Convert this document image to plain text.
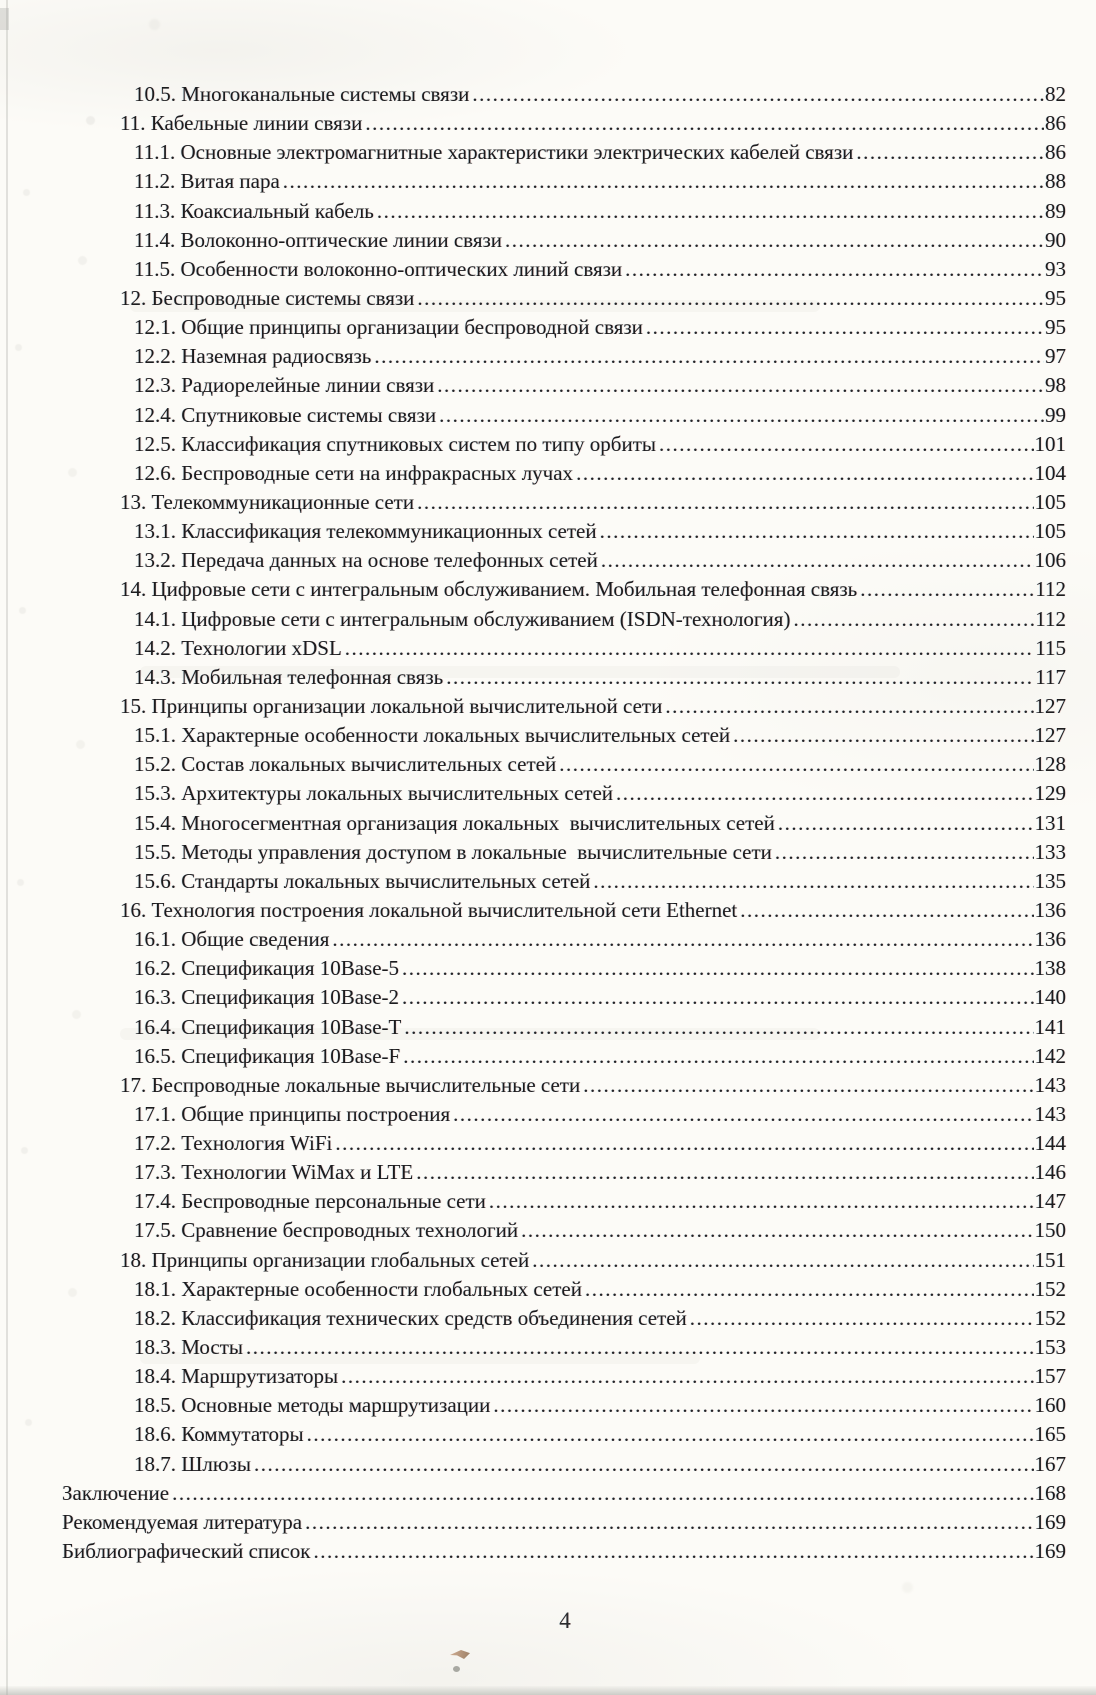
10.5. Многоканальные системы связи .....	82
11. Кабельные линии связи .....	86
11.1. Основные электромагнитные характеристики электрических кабелей связи .....	86
11.2. Витая пара .....	88
11.3. Коаксиальный кабель .....	89
11.4. Волоконно-оптические линии связи .....	90
11.5. Особенности волоконно-оптических линий связи .....	93
12. Беспроводные системы связи .....	95
12.1. Общие принципы организации беспроводной связи .....	95
12.2. Наземная радиосвязь .....	97
12.3. Радиорелейные линии связи .....	98
12.4. Спутниковые системы связи .....	99
12.5. Классификация спутниковых систем по типу орбиты .....	101
12.6. Беспроводные сети на инфракрасных лучах .....	104
13. Телекоммуникационные сети .....	105
13.1. Классификация телекоммуникационных сетей .....	105
13.2. Передача данных на основе телефонных сетей .....	106
14. Цифровые сети с интегральным обслуживанием. Мобильная телефонная связь .....	112
14.1. Цифровые сети с интегральным обслуживанием (ISDN-технология) .....	112
14.2. Технологии xDSL .....	115
14.3. Мобильная телефонная связь .....	117
15. Принципы организации локальной вычислительной сети .....	127
15.1. Характерные особенности локальных вычислительных сетей .....	127
15.2. Состав локальных вычислительных сетей .....	128
15.3. Архитектуры локальных вычислительных сетей .....	129
15.4. Многосегментная организация локальных  вычислительных сетей .....	131
15.5. Методы управления доступом в локальные  вычислительные сети .....	133
15.6. Стандарты локальных вычислительных сетей .....	135
16. Технология построения локальной вычислительной сети Ethernet .....	136
16.1. Общие сведения .....	136
16.2. Спецификация 10Base-5 .....	138
16.3. Спецификация 10Base-2 .....	140
16.4. Спецификация 10Base-T .....	141
16.5. Спецификация 10Base-F .....	142
17. Беспроводные локальные вычислительные сети .....	143
17.1. Общие принципы построения .....	143
17.2. Технология WiFi .....	144
17.3. Технологии WiMax и LTE .....	146
17.4. Беспроводные персональные сети .....	147
17.5. Сравнение беспроводных технологий .....	150
18. Принципы организации глобальных сетей .....	151
18.1. Характерные особенности глобальных сетей .....	152
18.2. Классификация технических средств объединения сетей .....	152
18.3. Мосты .....	153
18.4. Маршрутизаторы .....	157
18.5. Основные методы маршрутизации .....	160
18.6. Коммутаторы .....	165
18.7. Шлюзы .....	167
Заключение .....	168
Рекомендуемая литература .....	169
Библиографический список .....	169
4
